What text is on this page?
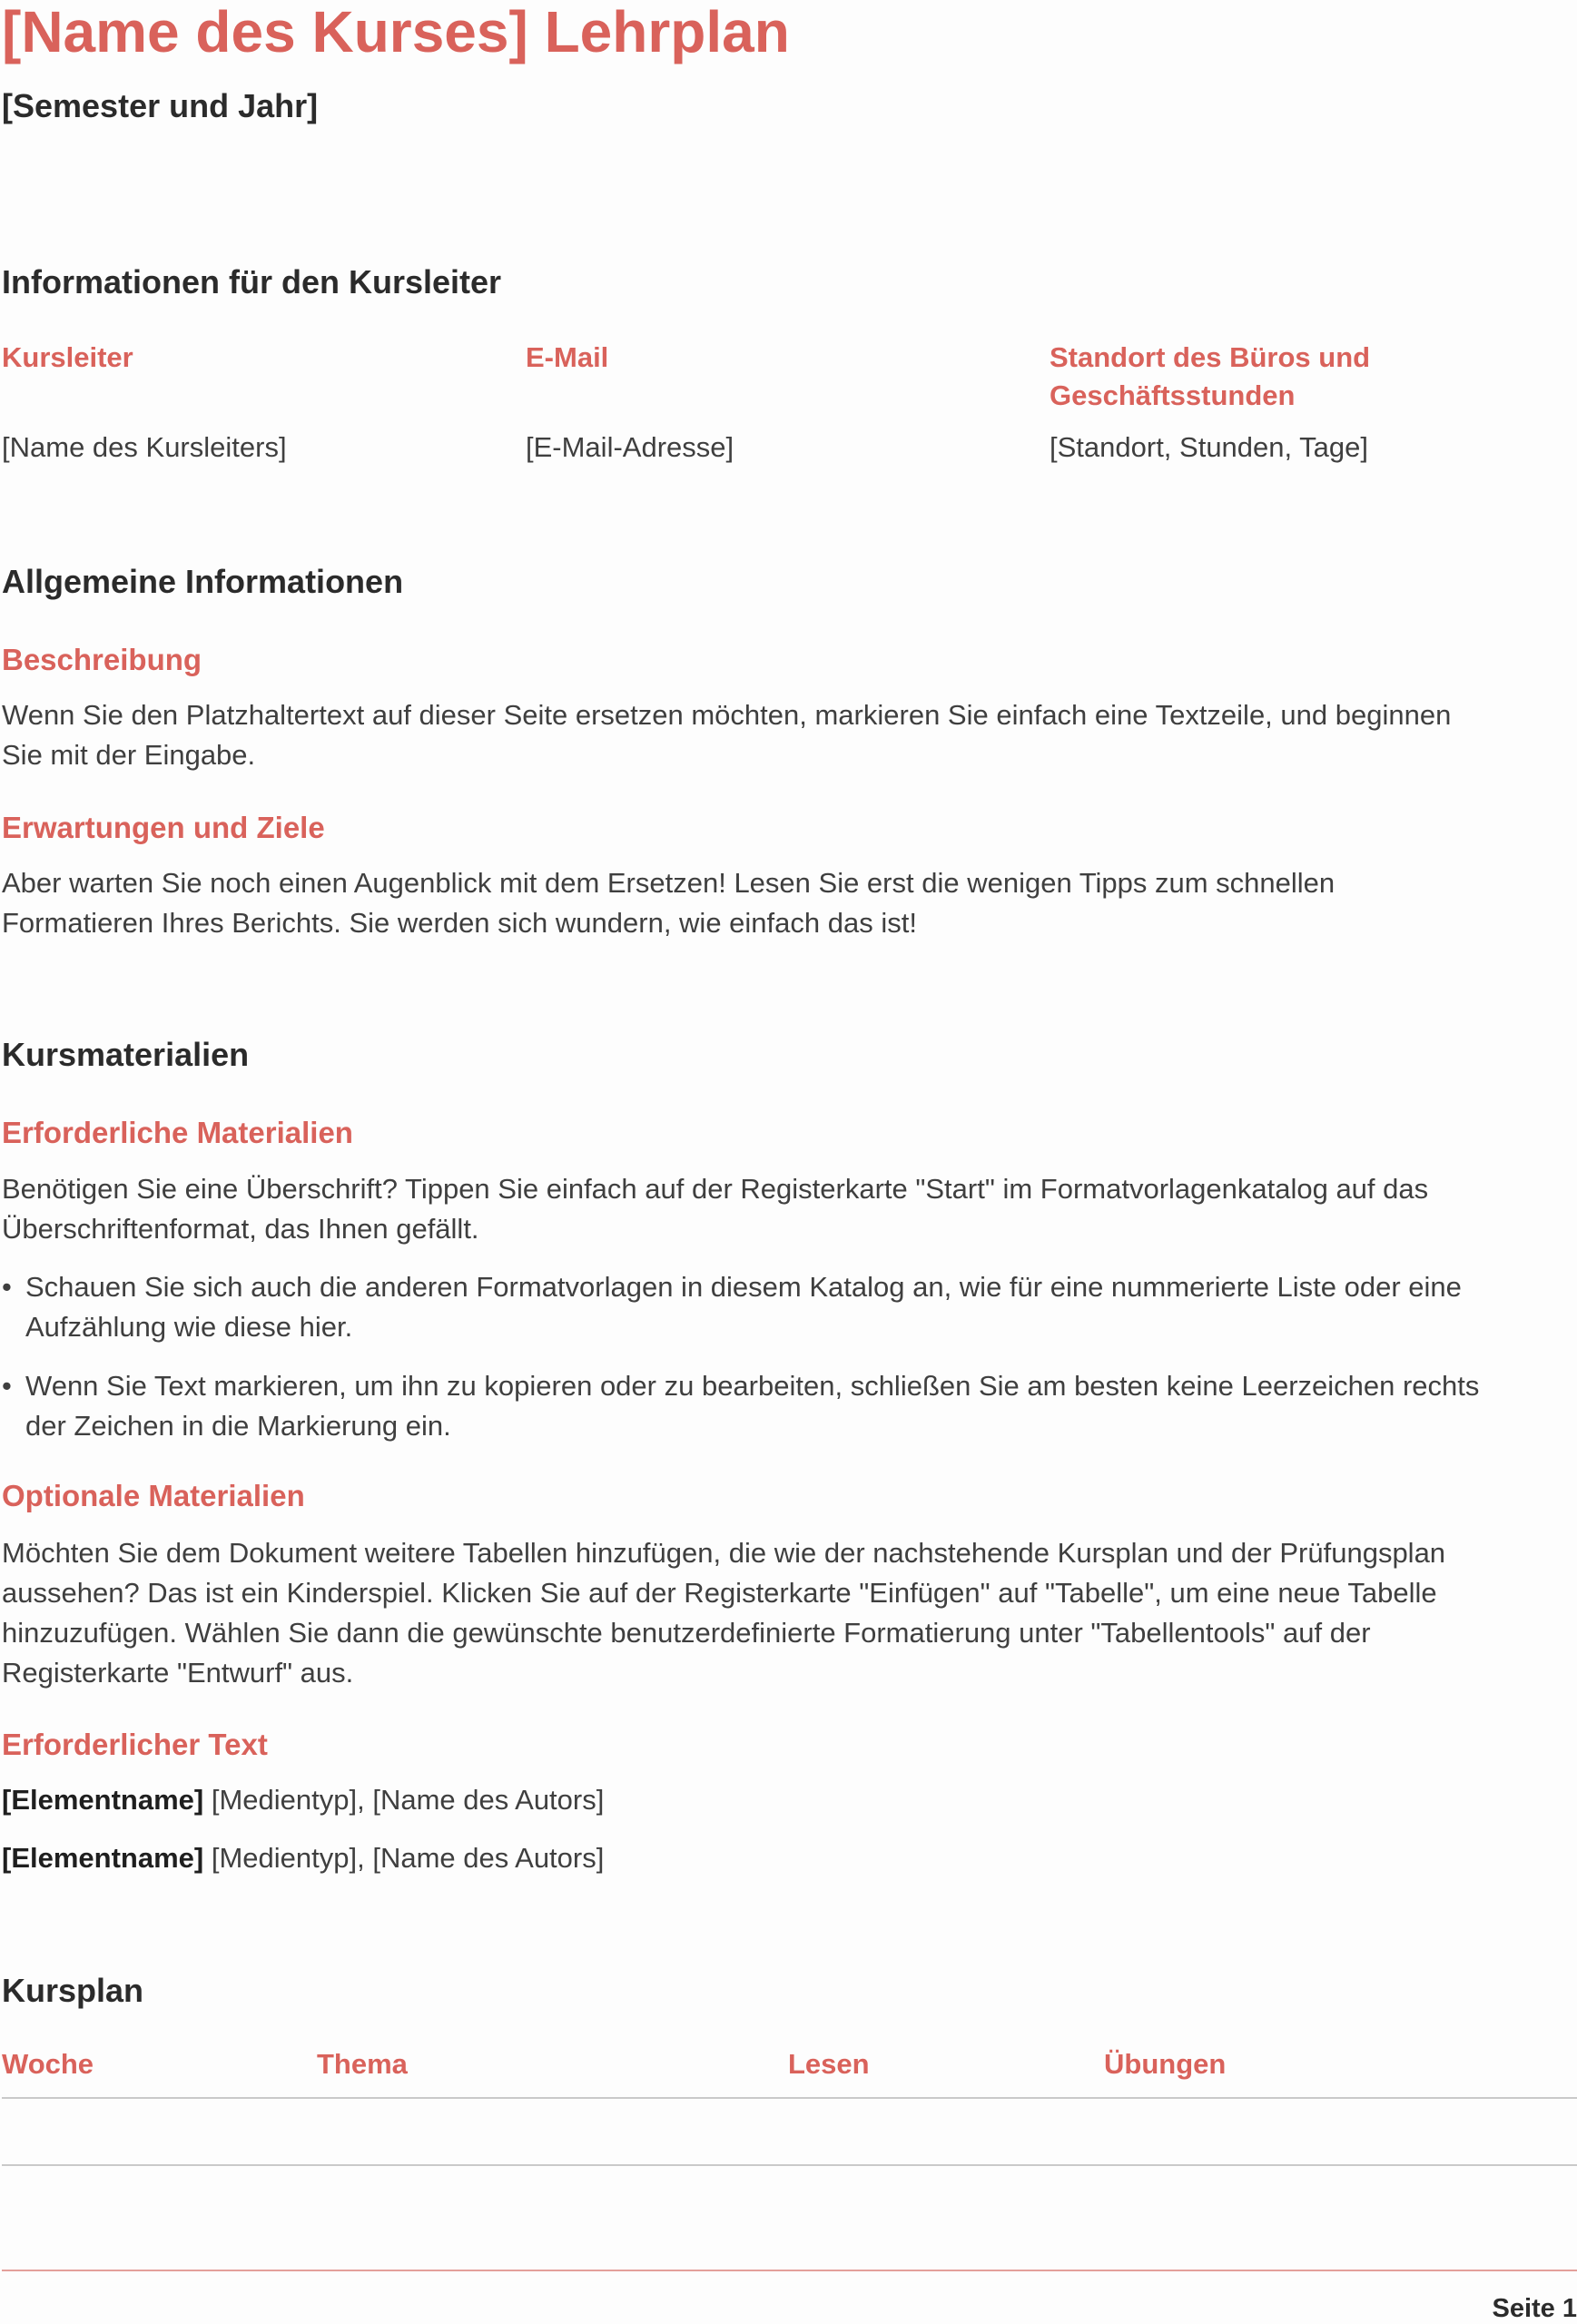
[Name des Kurses] Lehrplan
[Semester und Jahr]
Informationen für den Kursleiter
Kursleiter	E-Mail	Standort des Büros und Geschäftsstunden
[Name des Kursleiters]	[E-Mail-Adresse]	[Standort, Stunden, Tage]
Allgemeine Informationen
Beschreibung

Wenn Sie den Platzhaltertext auf dieser Seite ersetzen möchten, markieren Sie einfach eine Textzeile, und beginnen Sie mit der Eingabe.

Erwartungen und Ziele

Aber warten Sie noch einen Augenblick mit dem Ersetzen! Lesen Sie erst die wenigen Tipps zum schnellen Formatieren Ihres Berichts. Sie werden sich wundern, wie einfach das ist!

Kursmaterialien
Erforderliche Materialien

Benötigen Sie eine Überschrift? Tippen Sie einfach auf der Registerkarte "Start" im Formatvorlagenkatalog auf das Überschriftenformat, das Ihnen gefällt.

• Schauen Sie sich auch die anderen Formatvorlagen in diesem Katalog an, wie für eine nummerierte Liste oder eine Aufzählung wie diese hier.
• Wenn Sie Text markieren, um ihn zu kopieren oder zu bearbeiten, schließen Sie am besten keine Leerzeichen rechts der Zeichen in die Markierung ein.
Optionale Materialien

Möchten Sie dem Dokument weitere Tabellen hinzufügen, die wie der nachstehende Kursplan und der Prüfungsplan aussehen? Das ist ein Kinderspiel. Klicken Sie auf der Registerkarte "Einfügen" auf "Tabelle", um eine neue Tabelle hinzuzufügen. Wählen Sie dann die gewünschte benutzerdefinierte Formatierung unter "Tabellentools" auf der Registerkarte "Entwurf" aus.

Erforderlicher Text

[Elementname] [Medientyp], [Name des Autors]

[Elementname] [Medientyp], [Name des Autors]

Kursplan
Woche	Thema	Lesen	Übungen
Seite 1
